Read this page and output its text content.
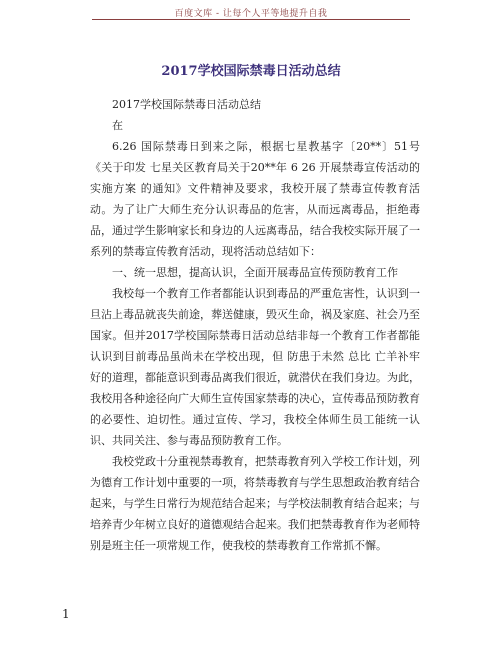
百度文库 - 让每个人平等地提升自我
2017学校国际禁毒日活动总结

2017学校国际禁毒日活动总结

在

6.26 国际禁毒日到来之际，根据七星教基字〔20**〕51号《关于印发 七星关区教育局关于20**年 6 26 开展禁毒宣传活动的实施方案 的通知》文件精神及要求，我校开展了禁毒宣传教育活动。为了让广大师生充分认识毒品的危害，从而远离毒品，拒绝毒品，通过学生影响家长和身边的人远离毒品，结合我校实际开展了一系列的禁毒宣传教育活动，现将活动总结如下：

一、统一思想，提高认识，全面开展毒品宣传预防教育工作

我校每一个教育工作者都能认识到毒品的严重危害性，认识到一旦沾上毒品就丧失前途，葬送健康，毁灭生命，祸及家庭、社会乃至国家。但并2017学校国际禁毒日活动总结非每一个教育工作者都能认识到目前毒品虽尚未在学校出现，但 防患于未然 总比 亡羊补牢 好的道理，都能意识到毒品离我们很近，就潜伏在我们身边。为此，我校用各种途径向广大师生宣传国家禁毒的决心，宣传毒品预防教育的必要性、迫切性。通过宣传、学习，我校全体师生员工能统一认识、共同关注、参与毒品预防教育工作。

我校党政十分重视禁毒教育，把禁毒教育列入学校工作计划，列为德育工作计划中重要的一项，将禁毒教育与学生思想政治教育结合起来，与学生日常行为规范结合起来；与学校法制教育结合起来；与培养青少年树立良好的道德观结合起来。我们把禁毒教育作为老师特别是班主任一项常规工作，使我校的禁毒教育工作常抓不懈。

1
